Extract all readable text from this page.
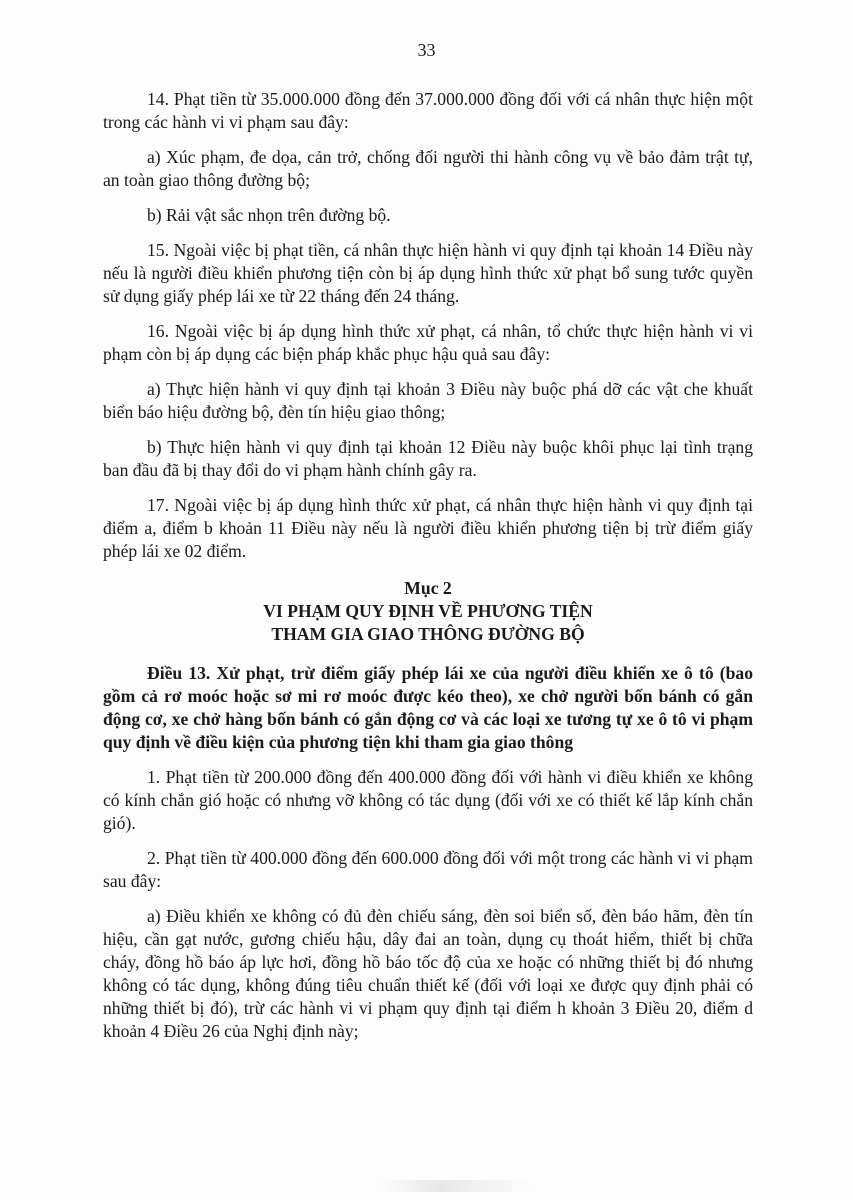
33

14. Phạt tiền từ 35.000.000 đồng đến 37.000.000 đồng đối với cá nhân thực hiện một trong các hành vi vi phạm sau đây:

a) Xúc phạm, đe dọa, cản trở, chống đối người thi hành công vụ về bảo đảm trật tự, an toàn giao thông đường bộ;

b) Rải vật sắc nhọn trên đường bộ.

15. Ngoài việc bị phạt tiền, cá nhân thực hiện hành vi quy định tại khoản 14 Điều này nếu là người điều khiển phương tiện còn bị áp dụng hình thức xử phạt bổ sung tước quyền sử dụng giấy phép lái xe từ 22 tháng đến 24 tháng.

16. Ngoài việc bị áp dụng hình thức xử phạt, cá nhân, tổ chức thực hiện hành vi vi phạm còn bị áp dụng các biện pháp khắc phục hậu quả sau đây:

a) Thực hiện hành vi quy định tại khoản 3 Điều này buộc phá dỡ các vật che khuất biển báo hiệu đường bộ, đèn tín hiệu giao thông;

b) Thực hiện hành vi quy định tại khoản 12 Điều này buộc khôi phục lại tình trạng ban đầu đã bị thay đổi do vi phạm hành chính gây ra.

17. Ngoài việc bị áp dụng hình thức xử phạt, cá nhân thực hiện hành vi quy định tại điểm a, điểm b khoản 11 Điều này nếu là người điều khiển phương tiện bị trừ điểm giấy phép lái xe 02 điểm.

Mục 2
VI PHẠM QUY ĐỊNH VỀ PHƯƠNG TIỆN
THAM GIA GIAO THÔNG ĐƯỜNG BỘ

Điều 13. Xử phạt, trừ điểm giấy phép lái xe của người điều khiển xe ô tô (bao gồm cả rơ moóc hoặc sơ mi rơ moóc được kéo theo), xe chở người bốn bánh có gắn động cơ, xe chở hàng bốn bánh có gắn động cơ và các loại xe tương tự xe ô tô vi phạm quy định về điều kiện của phương tiện khi tham gia giao thông

1. Phạt tiền từ 200.000 đồng đến 400.000 đồng đối với hành vi điều khiển xe không có kính chắn gió hoặc có nhưng vỡ không có tác dụng (đối với xe có thiết kế lắp kính chắn gió).

2. Phạt tiền từ 400.000 đồng đến 600.000 đồng đối với một trong các hành vi vi phạm sau đây:

a) Điều khiển xe không có đủ đèn chiếu sáng, đèn soi biển số, đèn báo hãm, đèn tín hiệu, cần gạt nước, gương chiếu hậu, dây đai an toàn, dụng cụ thoát hiểm, thiết bị chữa cháy, đồng hồ báo áp lực hơi, đồng hồ báo tốc độ của xe hoặc có những thiết bị đó nhưng không có tác dụng, không đúng tiêu chuẩn thiết kế (đối với loại xe được quy định phải có những thiết bị đó), trừ các hành vi vi phạm quy định tại điểm h khoản 3 Điều 20, điểm d khoản 4 Điều 26 của Nghị định này;
